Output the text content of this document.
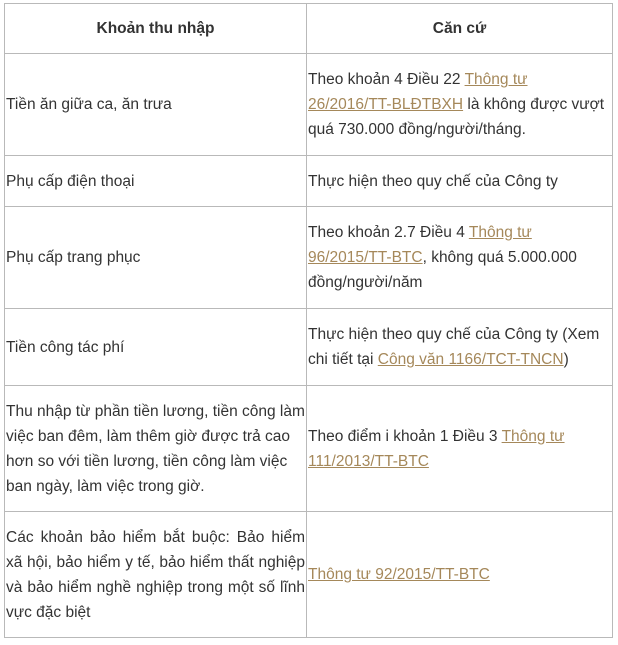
Khoản thu nhập	Căn cứ
Tiền ăn giữa ca, ăn trưa	Theo khoản 4 Điều 22 Thông tư 26/2016/TT-BLĐTBXH là không được vượt quá 730.000 đồng/người/tháng.
Phụ cấp điện thoại	Thực hiện theo quy chế của Công ty
Phụ cấp trang phục	Theo khoản 2.7 Điều 4 Thông tư 96/2015/TT-BTC, không quá 5.000.000 đồng/người/năm
Tiền công tác phí	Thực hiện theo quy chế của Công ty (Xem chi tiết tại Công văn 1166/TCT-TNCN)
Thu nhập từ phần tiền lương, tiền công làm việc ban đêm, làm thêm giờ được trả cao hơn so với tiền lương, tiền công làm việc ban ngày, làm việc trong giờ.	Theo điểm i khoản 1 Điều 3 Thông tư 111/2013/TT-BTC
Các khoản bảo hiểm bắt buộc: Bảo hiểm xã hội, bảo hiểm y tế, bảo hiểm thất nghiệp và bảo hiểm nghề nghiệp trong một số lĩnh vực đặc biệt	Thông tư 92/2015/TT-BTC
